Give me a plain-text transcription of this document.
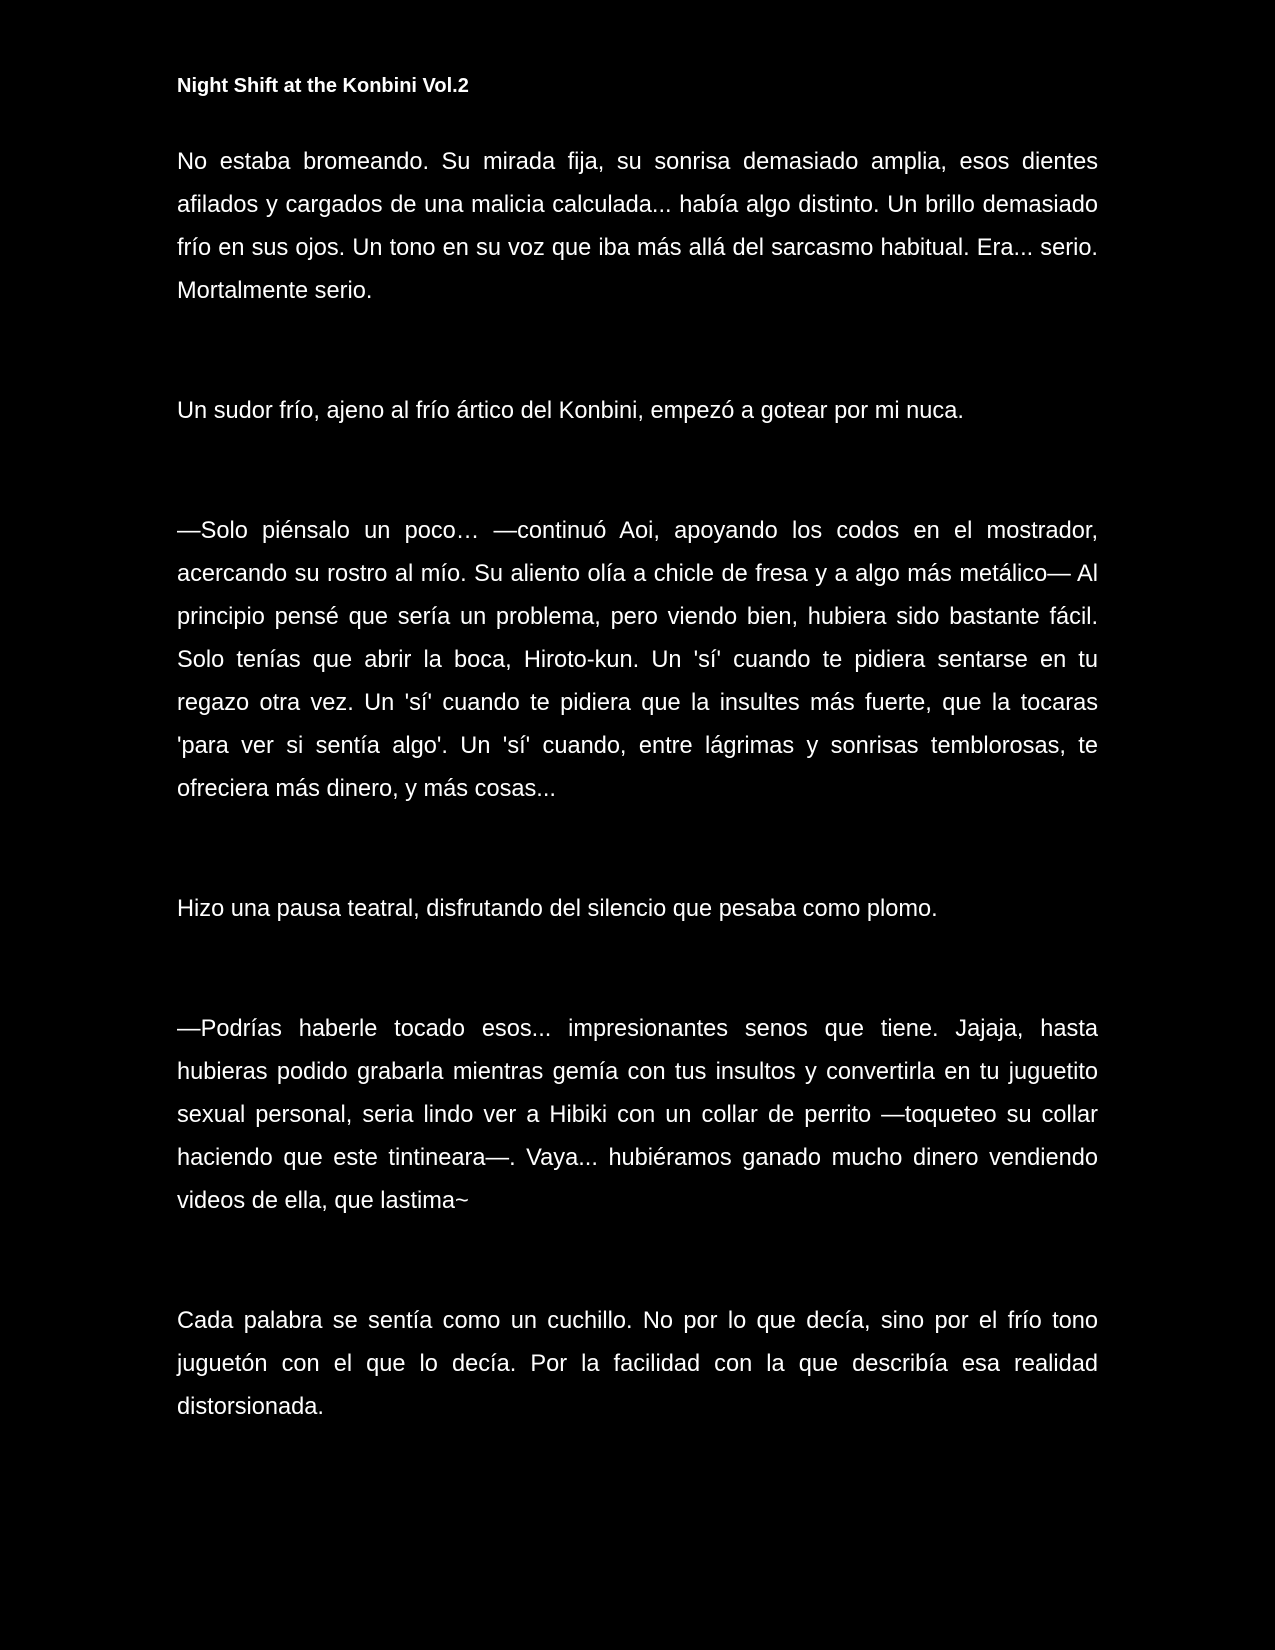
Night Shift at the Konbini Vol.2

No estaba bromeando. Su mirada fija, su sonrisa demasiado amplia, esos dientes afilados y cargados de una malicia calculada... había algo distinto. Un brillo demasiado frío en sus ojos. Un tono en su voz que iba más allá del sarcasmo habitual. Era... serio. Mortalmente serio.

Un sudor frío, ajeno al frío ártico del Konbini, empezó a gotear por mi nuca.

—Solo piénsalo un poco… —continuó Aoi, apoyando los codos en el mostrador, acercando su rostro al mío. Su aliento olía a chicle de fresa y a algo más metálico— Al principio pensé que sería un problema, pero viendo bien, hubiera sido bastante fácil. Solo tenías que abrir la boca, Hiroto-kun. Un 'sí' cuando te pidiera sentarse en tu regazo otra vez. Un 'sí' cuando te pidiera que la insultes más fuerte, que la tocaras 'para ver si sentía algo'. Un 'sí' cuando, entre lágrimas y sonrisas temblorosas, te ofreciera más dinero, y más cosas...

Hizo una pausa teatral, disfrutando del silencio que pesaba como plomo.

—Podrías haberle tocado esos... impresionantes senos que tiene. Jajaja, hasta hubieras podido grabarla mientras gemía con tus insultos y convertirla en tu juguetito sexual personal, seria lindo ver a Hibiki con un collar de perrito —toqueteo su collar haciendo que este tintineara—. Vaya... hubiéramos ganado mucho dinero vendiendo videos de ella, que lastima~

Cada palabra se sentía como un cuchillo. No por lo que decía, sino por el frío tono juguetón con el que lo decía. Por la facilidad con la que describía esa realidad distorsionada.
